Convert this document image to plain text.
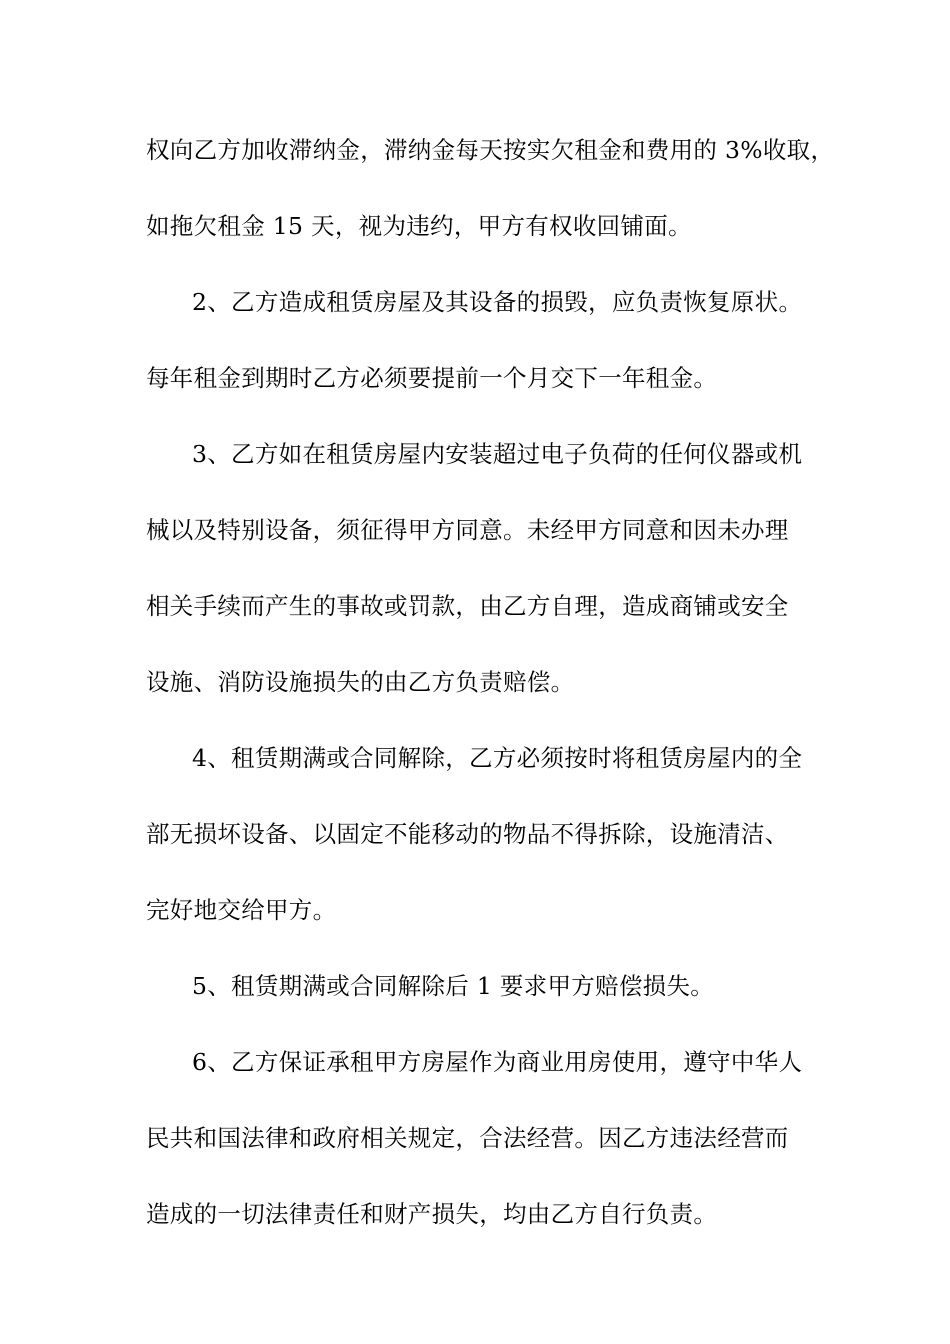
权向乙方加收滞纳金，滞纳金每天按实欠租金和费用的 3%收取，
如拖欠租金 15 天，视为违约，甲方有权收回铺面。
2、乙方造成租赁房屋及其设备的损毁，应负责恢复原状。
每年租金到期时乙方必须要提前一个月交下一年租金。
3、乙方如在租赁房屋内安装超过电子负荷的任何仪器或机
械以及特别设备，须征得甲方同意。未经甲方同意和因未办理
相关手续而产生的事故或罚款，由乙方自理，造成商铺或安全
设施、消防设施损失的由乙方负责赔偿。
4、租赁期满或合同解除，乙方必须按时将租赁房屋内的全
部无损坏设备、以固定不能移动的物品不得拆除，设施清洁、
完好地交给甲方。
5、租赁期满或合同解除后 1 要求甲方赔偿损失。
6、乙方保证承租甲方房屋作为商业用房使用，遵守中华人
民共和国法律和政府相关规定，合法经营。因乙方违法经营而
造成的一切法律责任和财产损失，均由乙方自行负责。
